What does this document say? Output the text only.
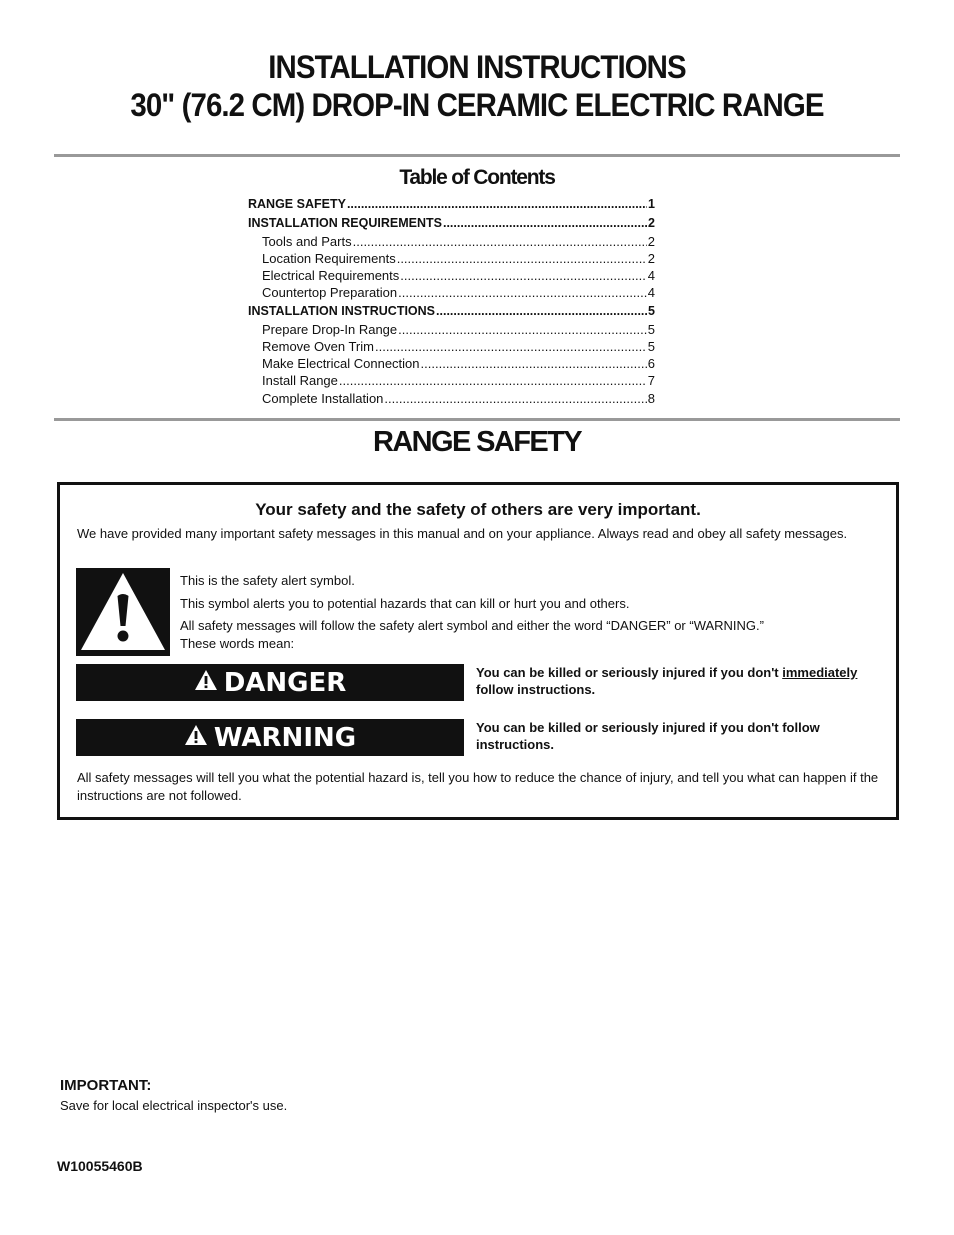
INSTALLATION INSTRUCTIONS
30" (76.2 CM) DROP-IN CERAMIC ELECTRIC RANGE
Table of Contents
RANGE SAFETY .....	1
INSTALLATION REQUIREMENTS .....	2
Tools and Parts .....	2
Location Requirements .....	2
Electrical Requirements .....	4
Countertop Preparation .....	4
INSTALLATION INSTRUCTIONS .....	5
Prepare Drop-In Range .....	5
Remove Oven Trim .....	5
Make Electrical Connection .....	6
Install Range .....	7
Complete Installation .....	8
RANGE SAFETY
Your safety and the safety of others are very important.
We have provided many important safety messages in this manual and on your appliance. Always read and obey all safety messages.
This is the safety alert symbol.
This symbol alerts you to potential hazards that can kill or hurt you and others.
All safety messages will follow the safety alert symbol and either the word “DANGER” or “WARNING.”
These words mean:
DANGER	You can be killed or seriously injured if you don't immediately follow instructions.
WARNING	You can be killed or seriously injured if you don't follow instructions.
All safety messages will tell you what the potential hazard is, tell you how to reduce the chance of injury, and tell you what can happen if the instructions are not followed.
IMPORTANT:
Save for local electrical inspector's use.
W10055460B
